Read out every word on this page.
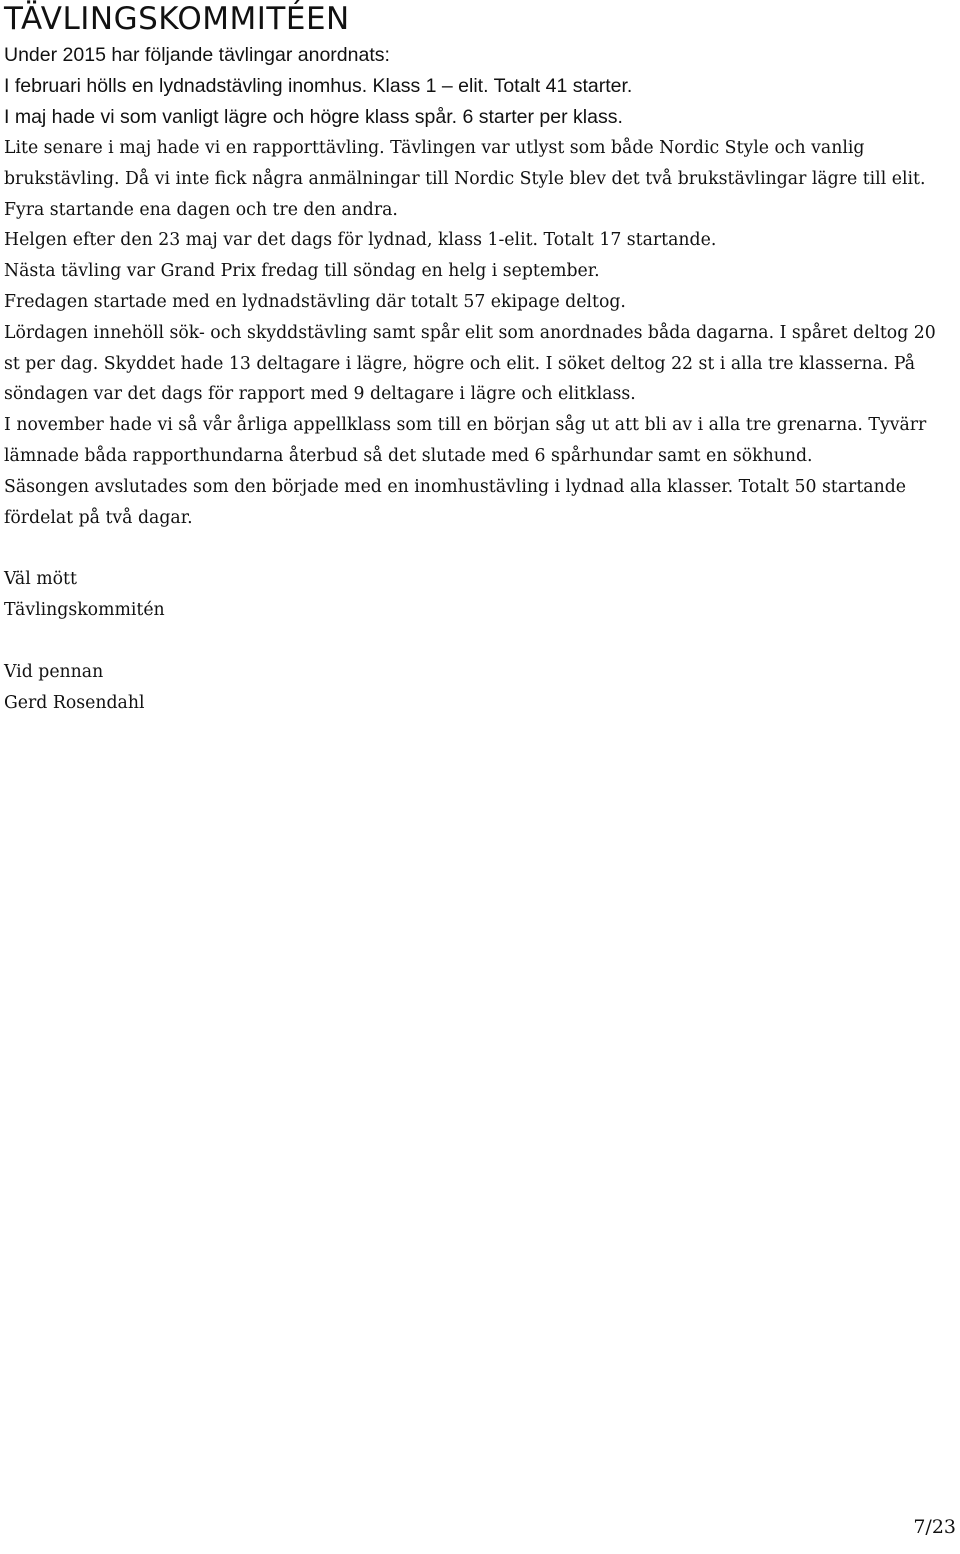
TÄVLINGSKOMMITÉEN

Under 2015 har följande tävlingar anordnats:

I februari hölls en lydnadstävling inomhus. Klass 1 – elit. Totalt 41 starter.

I maj hade vi som vanligt lägre och högre klass spår. 6 starter per klass.

Lite senare i maj hade vi en rapporttävling. Tävlingen var utlyst som både Nordic Style och vanlig brukstävling. Då vi inte fick några anmälningar till Nordic Style blev det två brukstävlingar lägre till elit. Fyra startande ena dagen och tre den andra.

Helgen efter den 23 maj var det dags för lydnad, klass 1-elit. Totalt 17 startande.

Nästa tävling var Grand Prix fredag till söndag en helg i september.

Fredagen startade med en lydnadstävling där totalt 57 ekipage deltog.

Lördagen innehöll sök- och skyddstävling samt spår elit som anordnades båda dagarna. I spåret deltog 20 st per dag. Skyddet hade 13 deltagare i lägre, högre och elit. I söket deltog 22 st i alla tre klasserna. På söndagen var det dags för rapport med 9 deltagare i lägre och elitklass.

I november hade vi så vår årliga appellklass som till en början såg ut att bli av i alla tre grenarna. Tyvärr lämnade båda rapporthundarna återbud så det slutade med 6 spårhundar samt en sökhund.

Säsongen avslutades som den började med en inomhustävling i lydnad alla klasser. Totalt 50 startande fördelat på två dagar.

Väl mött

Tävlingskommitén

Vid pennan

Gerd Rosendahl

7/23
